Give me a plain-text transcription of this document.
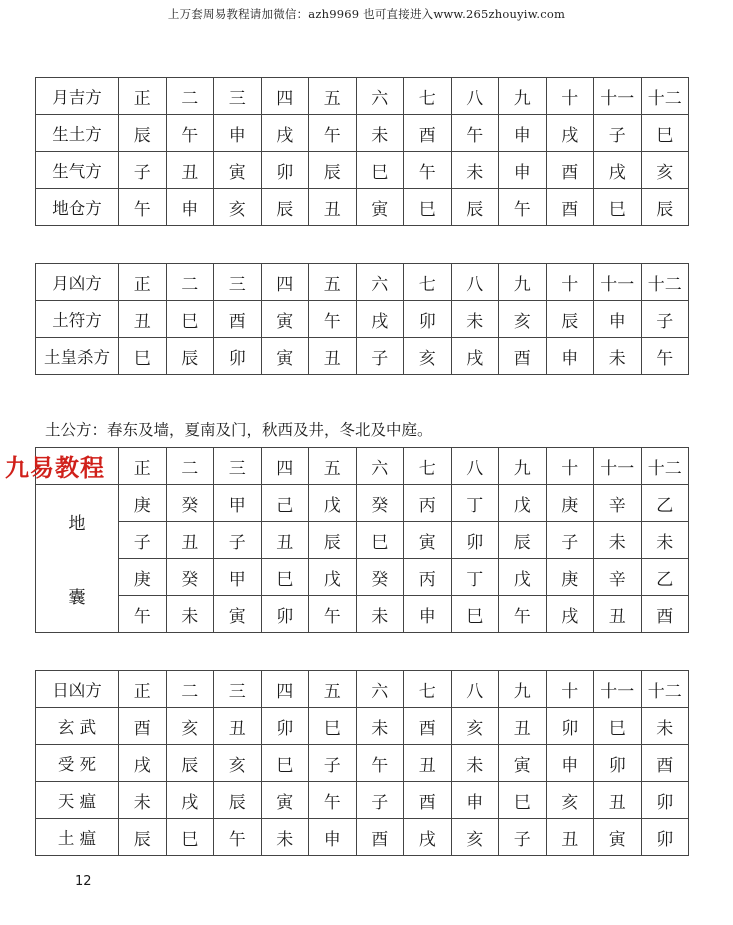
上万套周易教程请加微信：azh9969 也可直接进入www.265zhouyiw.com
月吉方	正	二	三	四	五	六	七	八	九	十	十一	十二
生土方	辰	午	申	戌	午	未	酉	午	申	戌	子	巳
生气方	子	丑	寅	卯	辰	巳	午	未	申	酉	戌	亥
地仓方	午	申	亥	辰	丑	寅	巳	辰	午	酉	巳	辰
月凶方	正	二	三	四	五	六	七	八	九	十	十一	十二
土符方	丑	巳	酉	寅	午	戌	卯	未	亥	辰	申	子
土皇杀方	巳	辰	卯	寅	丑	子	亥	戌	酉	申	未	午
土公方：春东及墙，夏南及门，秋西及井，冬北及中庭。
	正	二	三	四	五	六	七	八	九	十	十一	十二
地	庚	癸	甲	己	戊	癸	丙	丁	戊	庚	辛	乙
	子	丑	子	丑	辰	巳	寅	卯	辰	子	未	未
囊	庚	癸	甲	巳	戊	癸	丙	丁	戊	庚	辛	乙
	午	未	寅	卯	午	未	申	巳	午	戌	丑	酉
九易教程
日凶方	正	二	三	四	五	六	七	八	九	十	十一	十二
玄 武	酉	亥	丑	卯	巳	未	酉	亥	丑	卯	巳	未
受 死	戌	辰	亥	巳	子	午	丑	未	寅	申	卯	酉
天 瘟	未	戌	辰	寅	午	子	酉	申	巳	亥	丑	卯
土 瘟	辰	巳	午	未	申	酉	戌	亥	子	丑	寅	卯
12
